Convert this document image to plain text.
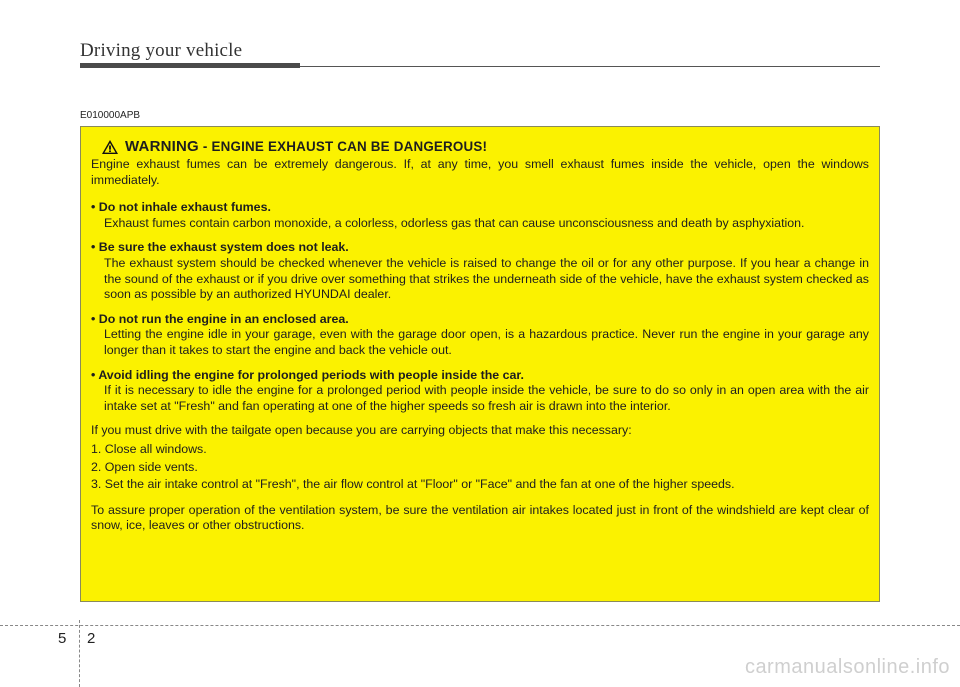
Driving your vehicle
E010000APB
WARNING - ENGINE EXHAUST CAN BE DANGEROUS!

Engine exhaust fumes can be extremely dangerous. If, at any time, you smell exhaust fumes inside the vehicle, open the windows immediately.

• Do not inhale exhaust fumes.

Exhaust fumes contain carbon monoxide, a colorless, odorless gas that can cause unconsciousness and death by asphyxiation.

• Be sure the exhaust system does not leak.

The exhaust system should be checked whenever the vehicle is raised to change the oil or for any other purpose. If you hear a change in the sound of the exhaust or if you drive over something that strikes the underneath side of the vehicle, have the exhaust system checked as soon as possible by an authorized HYUNDAI dealer.

• Do not run the engine in an enclosed area.

Letting the engine idle in your garage, even with the garage door open, is a hazardous practice. Never run the engine in your garage any longer than it takes to start the engine and back the vehicle out.

• Avoid idling the engine for prolonged periods with people inside the car.

If it is necessary to idle the engine for a prolonged period with people inside the vehicle, be sure to do so only in an open area with the air intake set at "Fresh" and fan operating at one of the higher speeds so fresh air is drawn into the interior.

If you must drive with the tailgate open because you are carrying objects that make this necessary:

1. Close all windows.

2. Open side vents.

3. Set the air intake control at "Fresh", the air flow control at "Floor" or "Face" and the fan at one of the higher speeds.

To assure proper operation of the ventilation system, be sure the ventilation air intakes located just in front of the windshield are kept clear of snow, ice, leaves or other obstructions.

5 2
carmanualsonline.info
